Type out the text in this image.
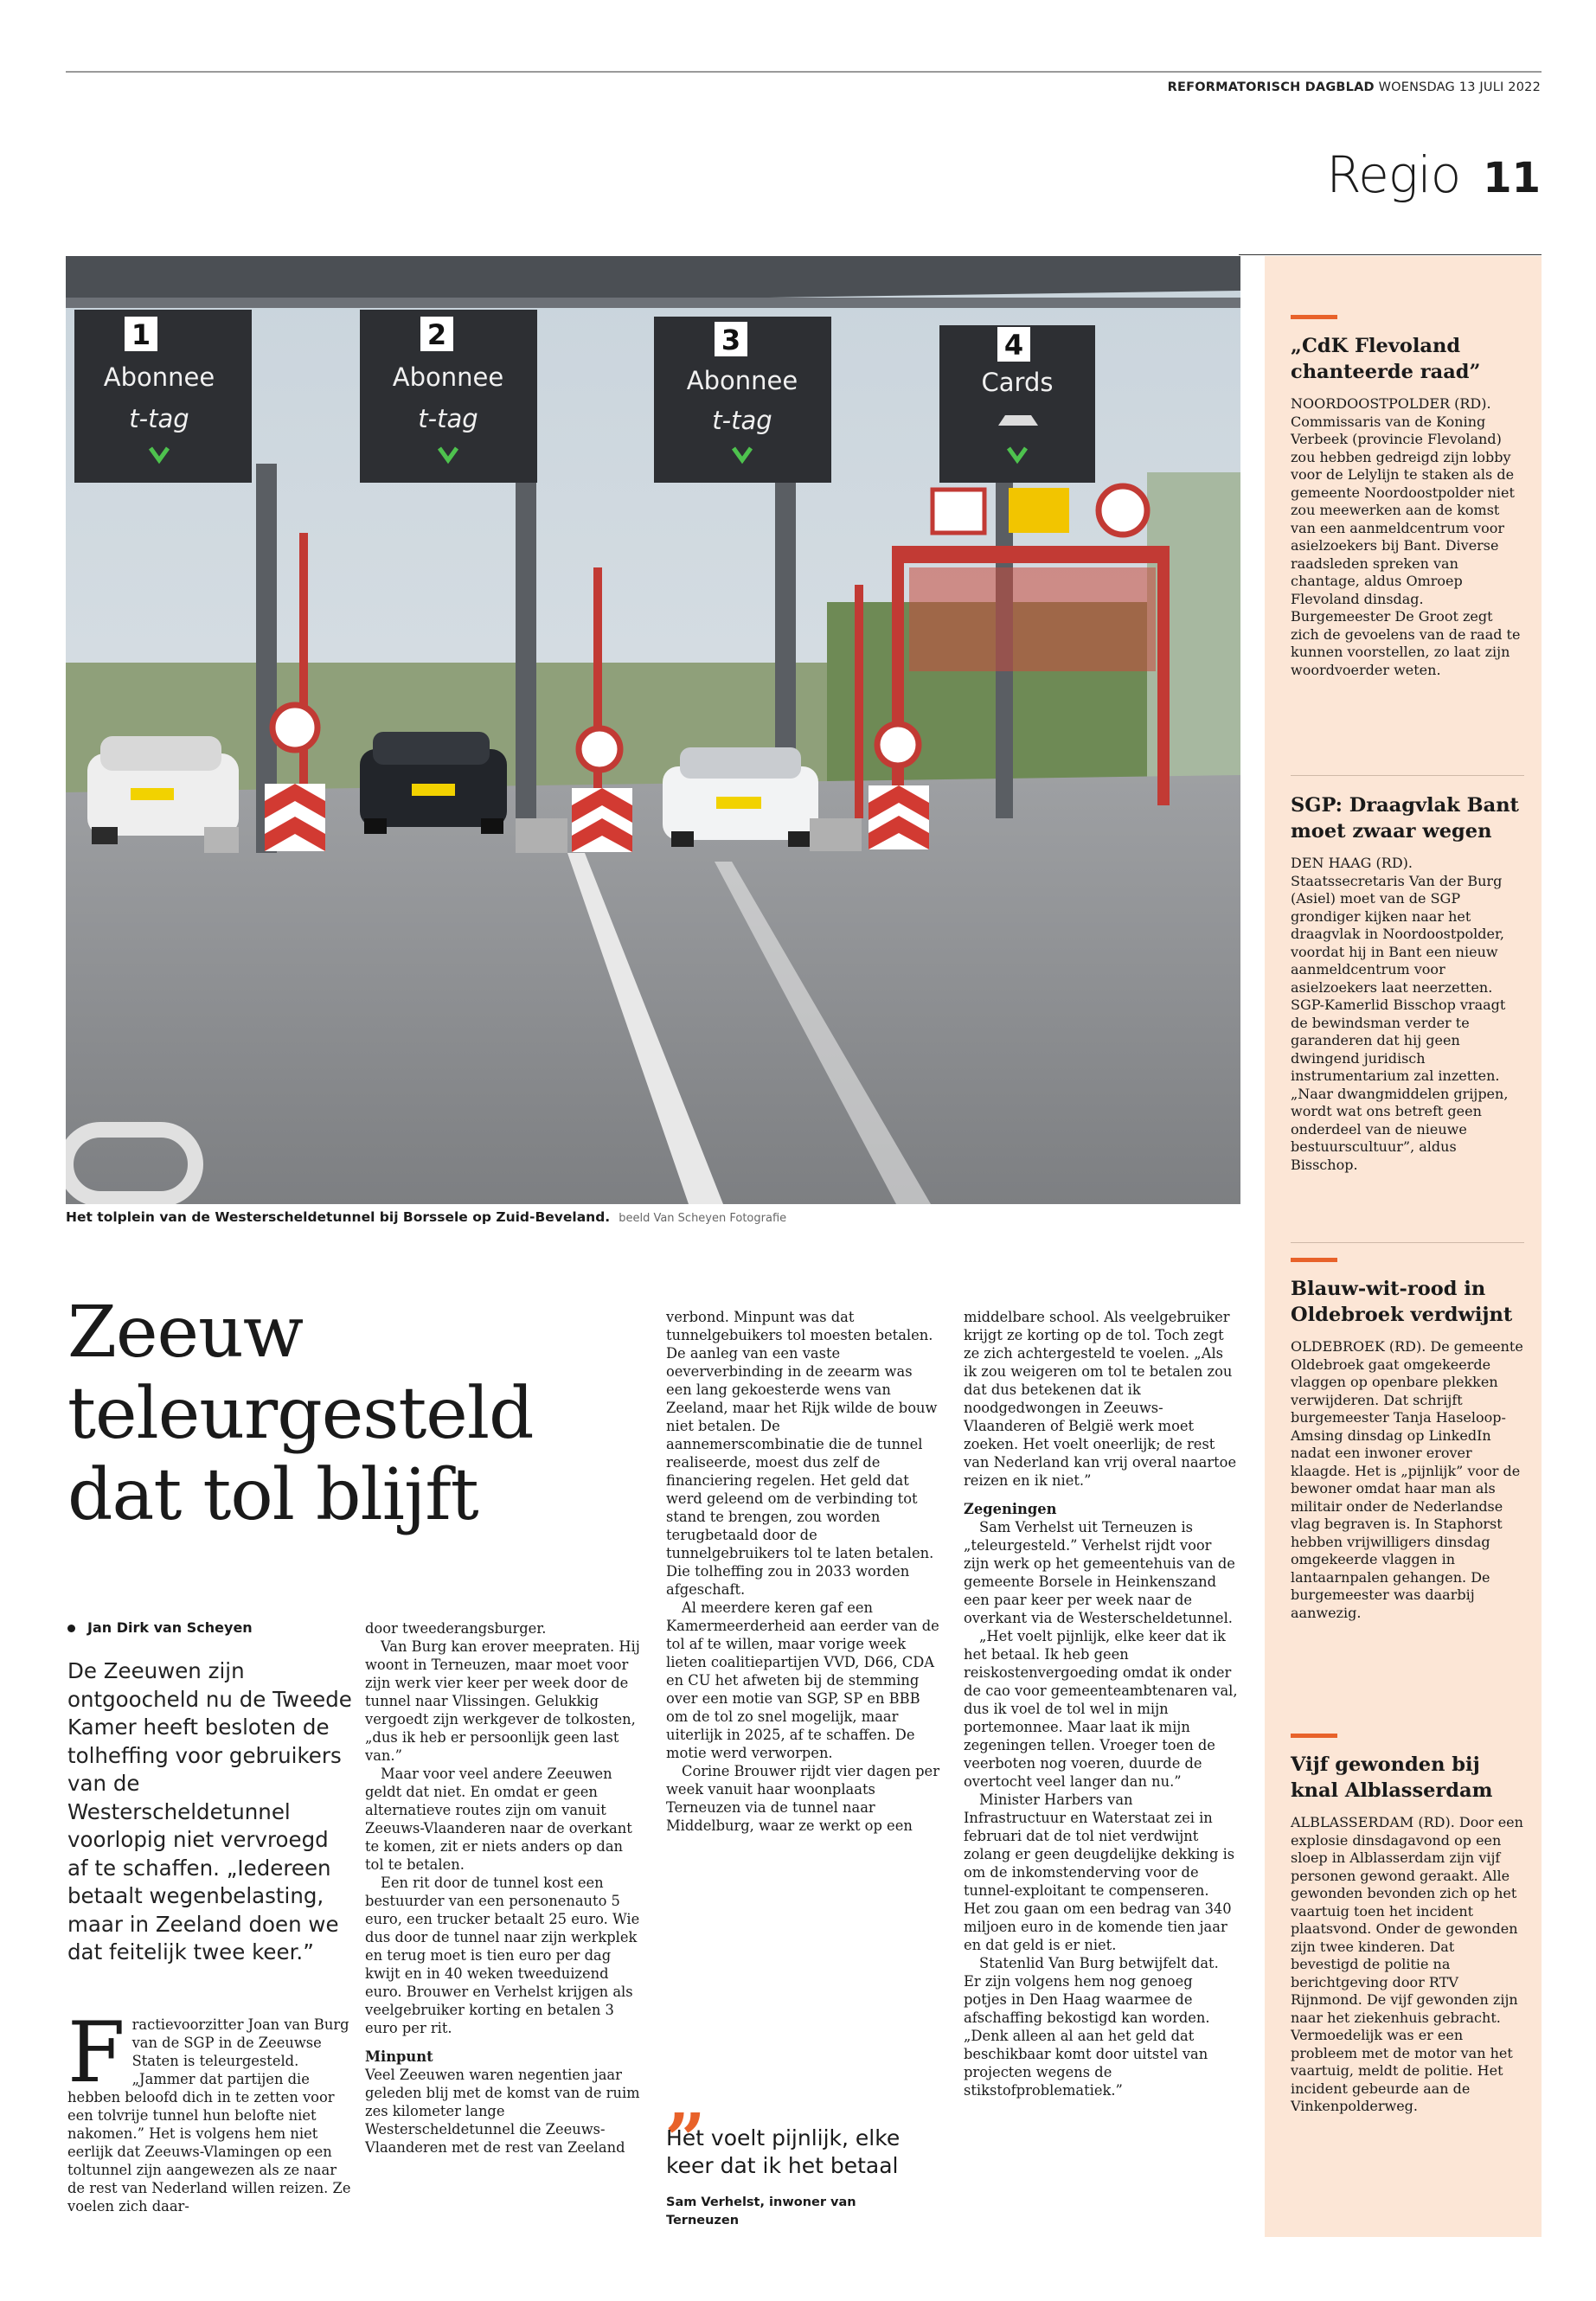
REFORMATORISCH DAGBLAD WOENSDAG 13 JULI 2022
Regio 11
1
Abonnee
t-tag
2
Abonnee
t-tag
3
Abonnee
t-tag
4
Cards
Het tolplein van de Westerscheldetunnel bij Borssele op Zuid-Beveland. beeld Van Scheyen Fotografie
„CdK Flevoland chanteerde raad”
NOORDOOSTPOLDER (RD). Commissaris van de Koning Verbeek (provincie Flevoland) zou hebben gedreigd zijn lobby voor de Lelylijn te staken als de gemeente Noordoostpolder niet zou meewerken aan de komst van een aanmeldcentrum voor asielzoekers bij Bant. Diverse raadsleden spreken van chantage, aldus Omroep Flevoland dinsdag. Burgemeester De Groot zegt zich de gevoelens van de raad te kunnen voorstellen, zo laat zijn woordvoerder weten.
SGP: Draagvlak Bant moet zwaar wegen
DEN HAAG (RD). Staatssecretaris Van der Burg (Asiel) moet van de SGP grondiger kijken naar het draagvlak in Noordoostpolder, voordat hij in Bant een nieuw aanmeldcentrum voor asielzoekers laat neerzetten. SGP-Kamerlid Bisschop vraagt de bewindsman verder te garanderen dat hij geen dwingend juridisch instrumentarium zal inzetten. „Naar dwangmiddelen grijpen, wordt wat ons betreft geen onderdeel van de nieuwe bestuurscultuur”, aldus Bisschop.
Blauw-wit-rood in Oldebroek verdwijnt
OLDEBROEK (RD). De gemeente Oldebroek gaat omgekeerde vlaggen op openbare plekken verwijderen. Dat schrijft burgemeester Tanja Haseloop-Amsing dinsdag op LinkedIn nadat een inwoner erover klaagde. Het is „pijnlijk” voor de bewoner omdat haar man als militair onder de Nederlandse vlag begraven is. In Staphorst hebben vrijwilligers dinsdag omgekeerde vlaggen in lantaarnpalen gehangen. De burgemeester was daarbij aanwezig.
Vijf gewonden bij knal Alblasserdam
ALBLASSERDAM (RD). Door een explosie dinsdagavond op een sloep in Alblasserdam zijn vijf personen gewond geraakt. Alle gewonden bevonden zich op het vaartuig toen het incident plaatsvond. Onder de gewonden zijn twee kinderen. Dat bevestigd de politie na berichtgeving door RTV Rijnmond. De vijf gewonden zijn naar het ziekenhuis gebracht. Vermoedelijk was er een probleem met de motor van het vaartuig, meldt de politie. Het incident gebeurde aan de Vinkenpolderweg.
Zeeuw teleurgesteld dat tol blijft
Jan Dirk van Scheyen
De Zeeuwen zijn ontgoocheld nu de Tweede Kamer heeft besloten de tolheffing voor gebruikers van de Westerscheldetunnel voorlopig niet vervroegd af te schaffen. „Iedereen betaalt wegenbelasting, maar in Zeeland doen we dat feitelijk twee keer.”

Fractievoorzitter Joan van Burg van de SGP in de Zeeuwse Staten is teleurgesteld. „Jammer dat partijen die hebben beloofd dich in te zetten voor een tolvrije tunnel hun belofte niet nakomen.” Het is volgens hem niet eerlijk dat Zeeuws-Vlamingen op een toltunnel zijn aangewezen als ze naar de rest van Nederland willen reizen. Ze voelen zich daar-

door tweederangsburger.

Van Burg kan erover meepraten. Hij woont in Terneuzen, maar moet voor zijn werk vier keer per week door de tunnel naar Vlissingen. Gelukkig vergoedt zijn werkgever de tolkosten, „dus ik heb er persoonlijk geen last van.”

Maar voor veel andere Zeeuwen geldt dat niet. En omdat er geen alternatieve routes zijn om vanuit Zeeuws-Vlaanderen naar de overkant te komen, zit er niets anders op dan tol te betalen.

Een rit door de tunnel kost een bestuurder van een personenauto 5 euro, een trucker betaalt 25 euro. Wie dus door de tunnel naar zijn werkplek en terug moet is tien euro per dag kwijt en in 40 weken tweeduizend euro. Brouwer en Verhelst krijgen als veelgebruiker korting en betalen 3 euro per rit.

Minpunt

Veel Zeeuwen waren negentien jaar geleden blij met de komst van de ruim zes kilometer lange Westerscheldetunnel die Zeeuws-Vlaanderen met de rest van Zeeland

verbond. Minpunt was dat tunnelgebuikers tol moesten betalen. De aanleg van een vaste oeververbinding in de zeearm was een lang gekoesterde wens van Zeeland, maar het Rijk wilde de bouw niet betalen. De aannemerscombinatie die de tunnel realiseerde, moest dus zelf de financiering regelen. Het geld dat werd geleend om de verbinding tot stand te brengen, zou worden terugbetaald door de tunnelgebruikers tol te laten betalen. Die tolheffing zou in 2033 worden afgeschaft.

Al meerdere keren gaf een Kamermeerderheid aan eerder van de tol af te willen, maar vorige week lieten coalitiepartijen VVD, D66, CDA en CU het afweten bij de stemming over een motie van SGP, SP en BBB om de tol zo snel mogelijk, maar uiterlijk in 2025, af te schaffen. De motie werd verworpen.

Corine Brouwer rijdt vier dagen per week vanuit haar woonplaats Terneuzen via de tunnel naar Middelburg, waar ze werkt op een

„
Het voelt pijnlijk, elke keer dat ik het betaal
Sam Verhelst, inwoner van Terneuzen

middelbare school. Als veelgebruiker krijgt ze korting op de tol. Toch zegt ze zich achtergesteld te voelen. „Als ik zou weigeren om tol te betalen zou dat dus betekenen dat ik noodgedwongen in Zeeuws-Vlaanderen of België werk moet zoeken. Het voelt oneerlijk; de rest van Nederland kan vrij overal naartoe reizen en ik niet.”

Zegeningen

Sam Verhelst uit Terneuzen is „teleurgesteld.” Verhelst rijdt voor zijn werk op het gemeentehuis van de gemeente Borsele in Heinkenszand een paar keer per week naar de overkant via de Westerscheldetunnel.

„Het voelt pijnlijk, elke keer dat ik het betaal. Ik heb geen reiskostenvergoeding omdat ik onder de cao voor gemeenteambtenaren val, dus ik voel de tol wel in mijn portemonnee. Maar laat ik mijn zegeningen tellen. Vroeger toen de veerboten nog voeren, duurde de overtocht veel langer dan nu.”

Minister Harbers van Infrastructuur en Waterstaat zei in februari dat de tol niet verdwijnt zolang er geen deugdelijke dekking is om de inkomstenderving voor de tunnel-exploitant te compenseren. Het zou gaan om een bedrag van 340 miljoen euro in de komende tien jaar en dat geld is er niet.

Statenlid Van Burg betwijfelt dat. Er zijn volgens hem nog genoeg potjes in Den Haag waarmee de afschaffing bekostigd kan worden. „Denk alleen al aan het geld dat beschikbaar komt door uitstel van projecten wegens de stikstofproblematiek.”
